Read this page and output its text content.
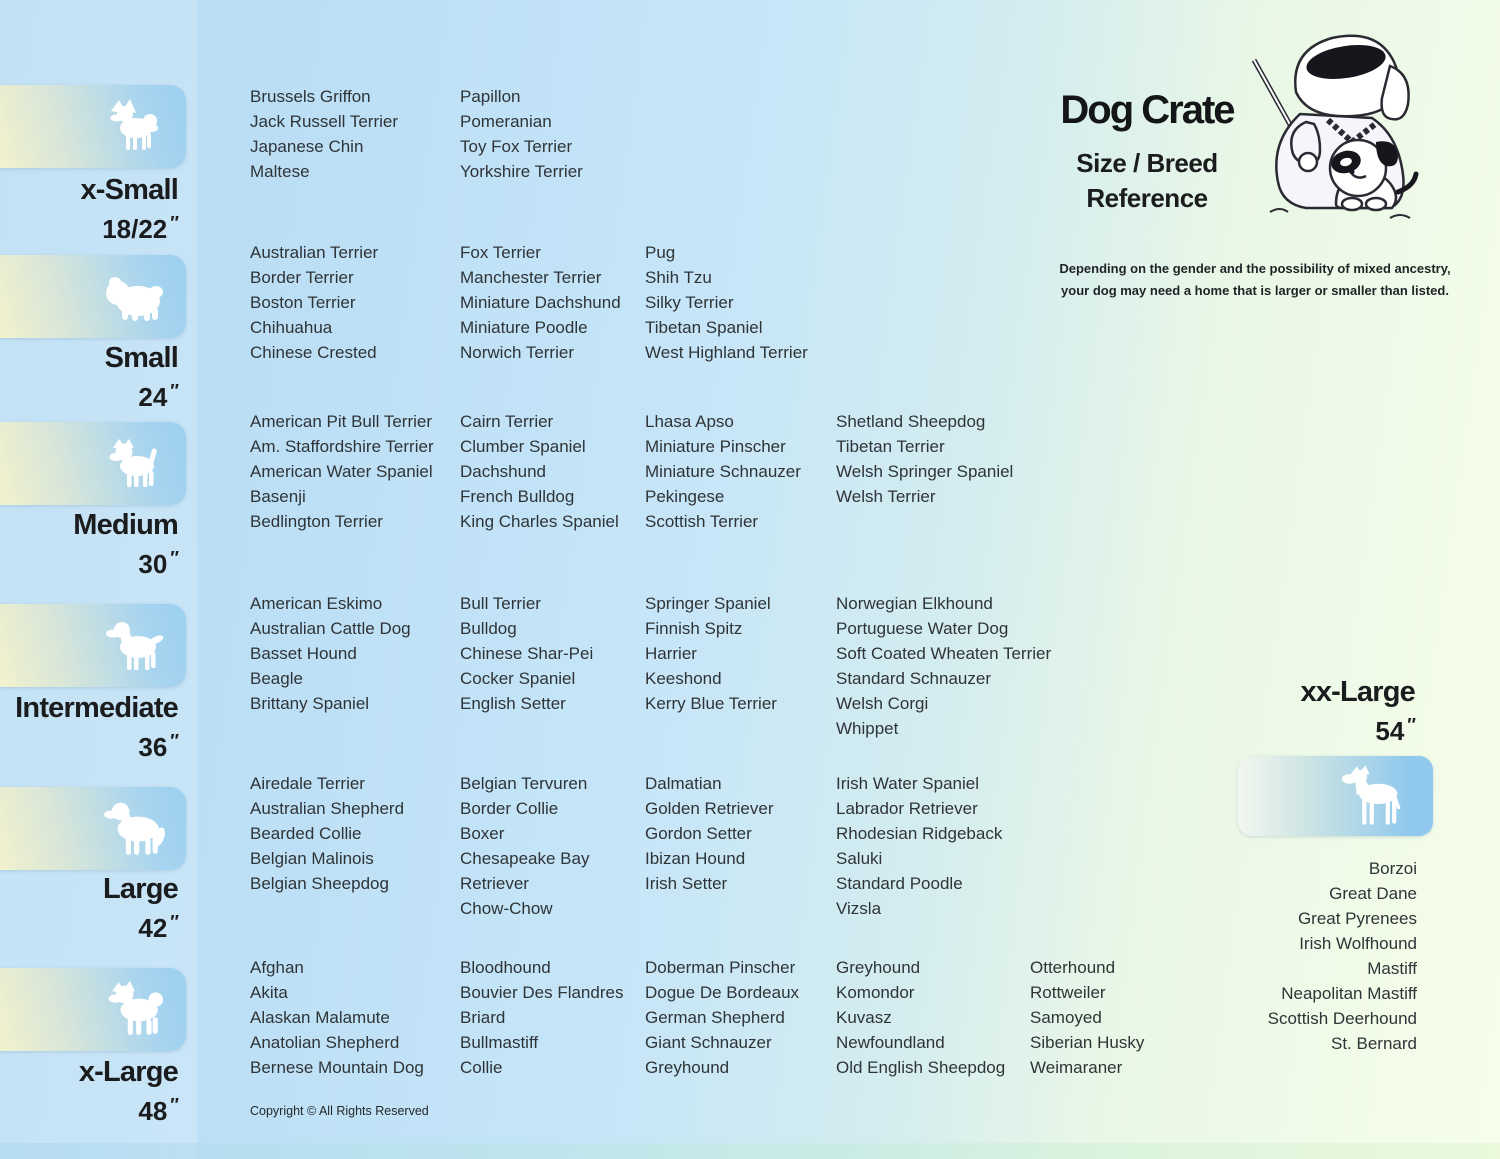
x-Small
18/22 ″
Small
24 ″
Medium
30 ″
Intermediate
36 ″
Large
42 ″
x-Large
48 ″
Brussels Griffon
Jack Russell Terrier
Japanese Chin
Maltese
Papillon
Pomeranian
Toy Fox Terrier
Yorkshire Terrier
Australian Terrier
Border Terrier
Boston Terrier
Chihuahua
Chinese Crested
Fox Terrier
Manchester Terrier
Miniature Dachshund
Miniature Poodle
Norwich Terrier
Pug
Shih Tzu
Silky Terrier
Tibetan Spaniel
West Highland Terrier
American Pit Bull Terrier
Am. Staffordshire Terrier
American Water Spaniel
Basenji
Bedlington Terrier
Cairn Terrier
Clumber Spaniel
Dachshund
French Bulldog
King Charles Spaniel
Lhasa Apso
Miniature Pinscher
Miniature Schnauzer
Pekingese
Scottish Terrier
Shetland Sheepdog
Tibetan Terrier
Welsh Springer Spaniel
Welsh Terrier
American Eskimo
Australian Cattle Dog
Basset Hound
Beagle
Brittany Spaniel
Bull Terrier
Bulldog
Chinese Shar-Pei
Cocker Spaniel
English Setter
Springer Spaniel
Finnish Spitz
Harrier
Keeshond
Kerry Blue Terrier
Norwegian Elkhound
Portuguese Water Dog
Soft Coated Wheaten Terrier
Standard Schnauzer
Welsh Corgi
Whippet
Airedale Terrier
Australian Shepherd
Bearded Collie
Belgian Malinois
Belgian Sheepdog
Belgian Tervuren
Border Collie
Boxer
Chesapeake Bay Retriever
Chow-Chow
Dalmatian
Golden Retriever
Gordon Setter
Ibizan Hound
Irish Setter
Irish Water Spaniel
Labrador Retriever
Rhodesian Ridgeback
Saluki
Standard Poodle
Vizsla
Afghan
Akita
Alaskan Malamute
Anatolian Shepherd
Bernese Mountain Dog
Bloodhound
Bouvier Des Flandres
Briard
Bullmastiff
Collie
Doberman Pinscher
Dogue De Bordeaux
German Shepherd
Giant Schnauzer
Greyhound
Greyhound
Komondor
Kuvasz
Newfoundland
Old English Sheepdog
Otterhound
Rottweiler
Samoyed
Siberian Husky
Weimaraner
Dog Crate
Size / Breed
Reference
Depending on the gender and the possibility of mixed ancestry,
your dog may need a home that is larger or smaller than listed.
xx-Large
54 ″
Borzoi
Great Dane
Great Pyrenees
Irish Wolfhound
Mastiff
Neapolitan Mastiff
Scottish Deerhound
St. Bernard
Copyright © All Rights Reserved
